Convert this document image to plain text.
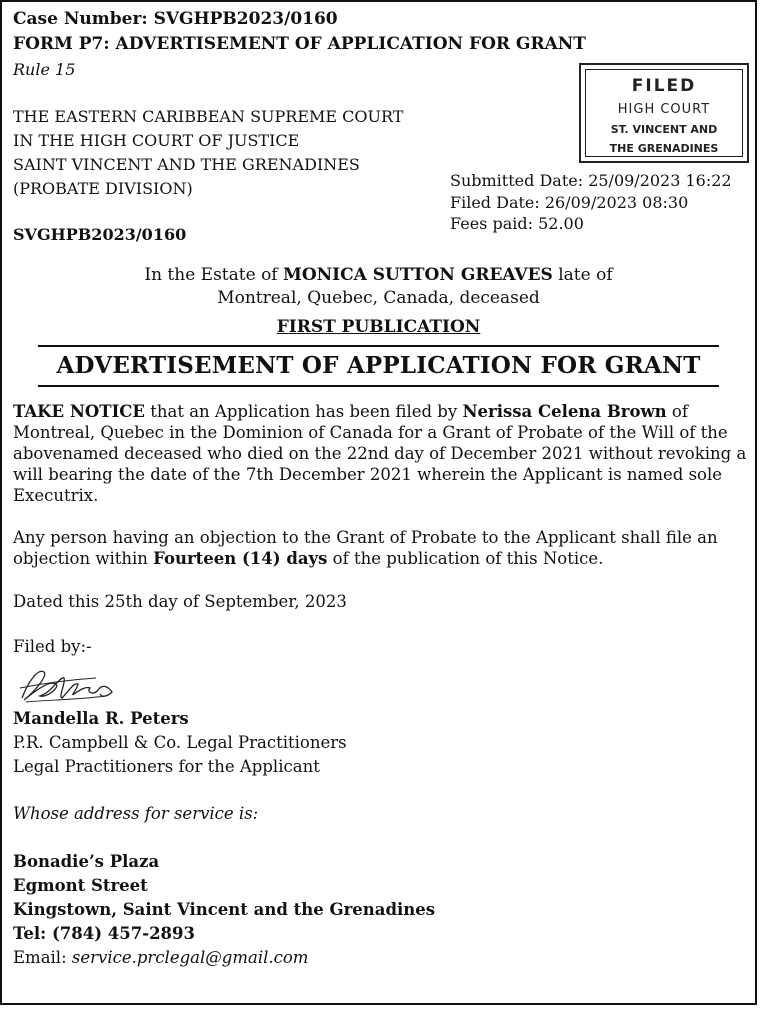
Case Number: SVGHPB2023/0160
FORM P7: ADVERTISEMENT OF APPLICATION FOR GRANT
Rule 15
THE EASTERN CARIBBEAN SUPREME COURT
IN THE HIGH COURT OF JUSTICE
SAINT VINCENT AND THE GRENADINES
(PROBATE DIVISION)
SVGHPB2023/0160
FILED
HIGH COURT
ST. VINCENT AND
THE GRENADINES
Submitted Date: 25/09/2023 16:22
Filed Date: 26/09/2023 08:30
Fees paid: 52.00
In the Estate of MONICA SUTTON GREAVES late of
Montreal, Quebec, Canada, deceased
FIRST PUBLICATION
ADVERTISEMENT OF APPLICATION FOR GRANT
TAKE NOTICE that an Application has been filed by Nerissa Celena Brown of Montreal, Quebec in the Dominion of Canada for a Grant of Probate of the Will of the abovenamed deceased who died on the 22nd day of December 2021 without revoking a will bearing the date of the 7th December 2021 wherein the Applicant is named sole Executrix.
Any person having an objection to the Grant of Probate to the Applicant shall file an objection within Fourteen (14) days of the publication of this Notice.
Dated this 25th day of September, 2023
Filed by:-
Mandella R. Peters
P.R. Campbell & Co. Legal Practitioners
Legal Practitioners for the Applicant
Whose address for service is:
Bonadie’s Plaza
Egmont Street
Kingstown, Saint Vincent and the Grenadines
Tel: (784) 457-2893
Email: service.prclegal@gmail.com
